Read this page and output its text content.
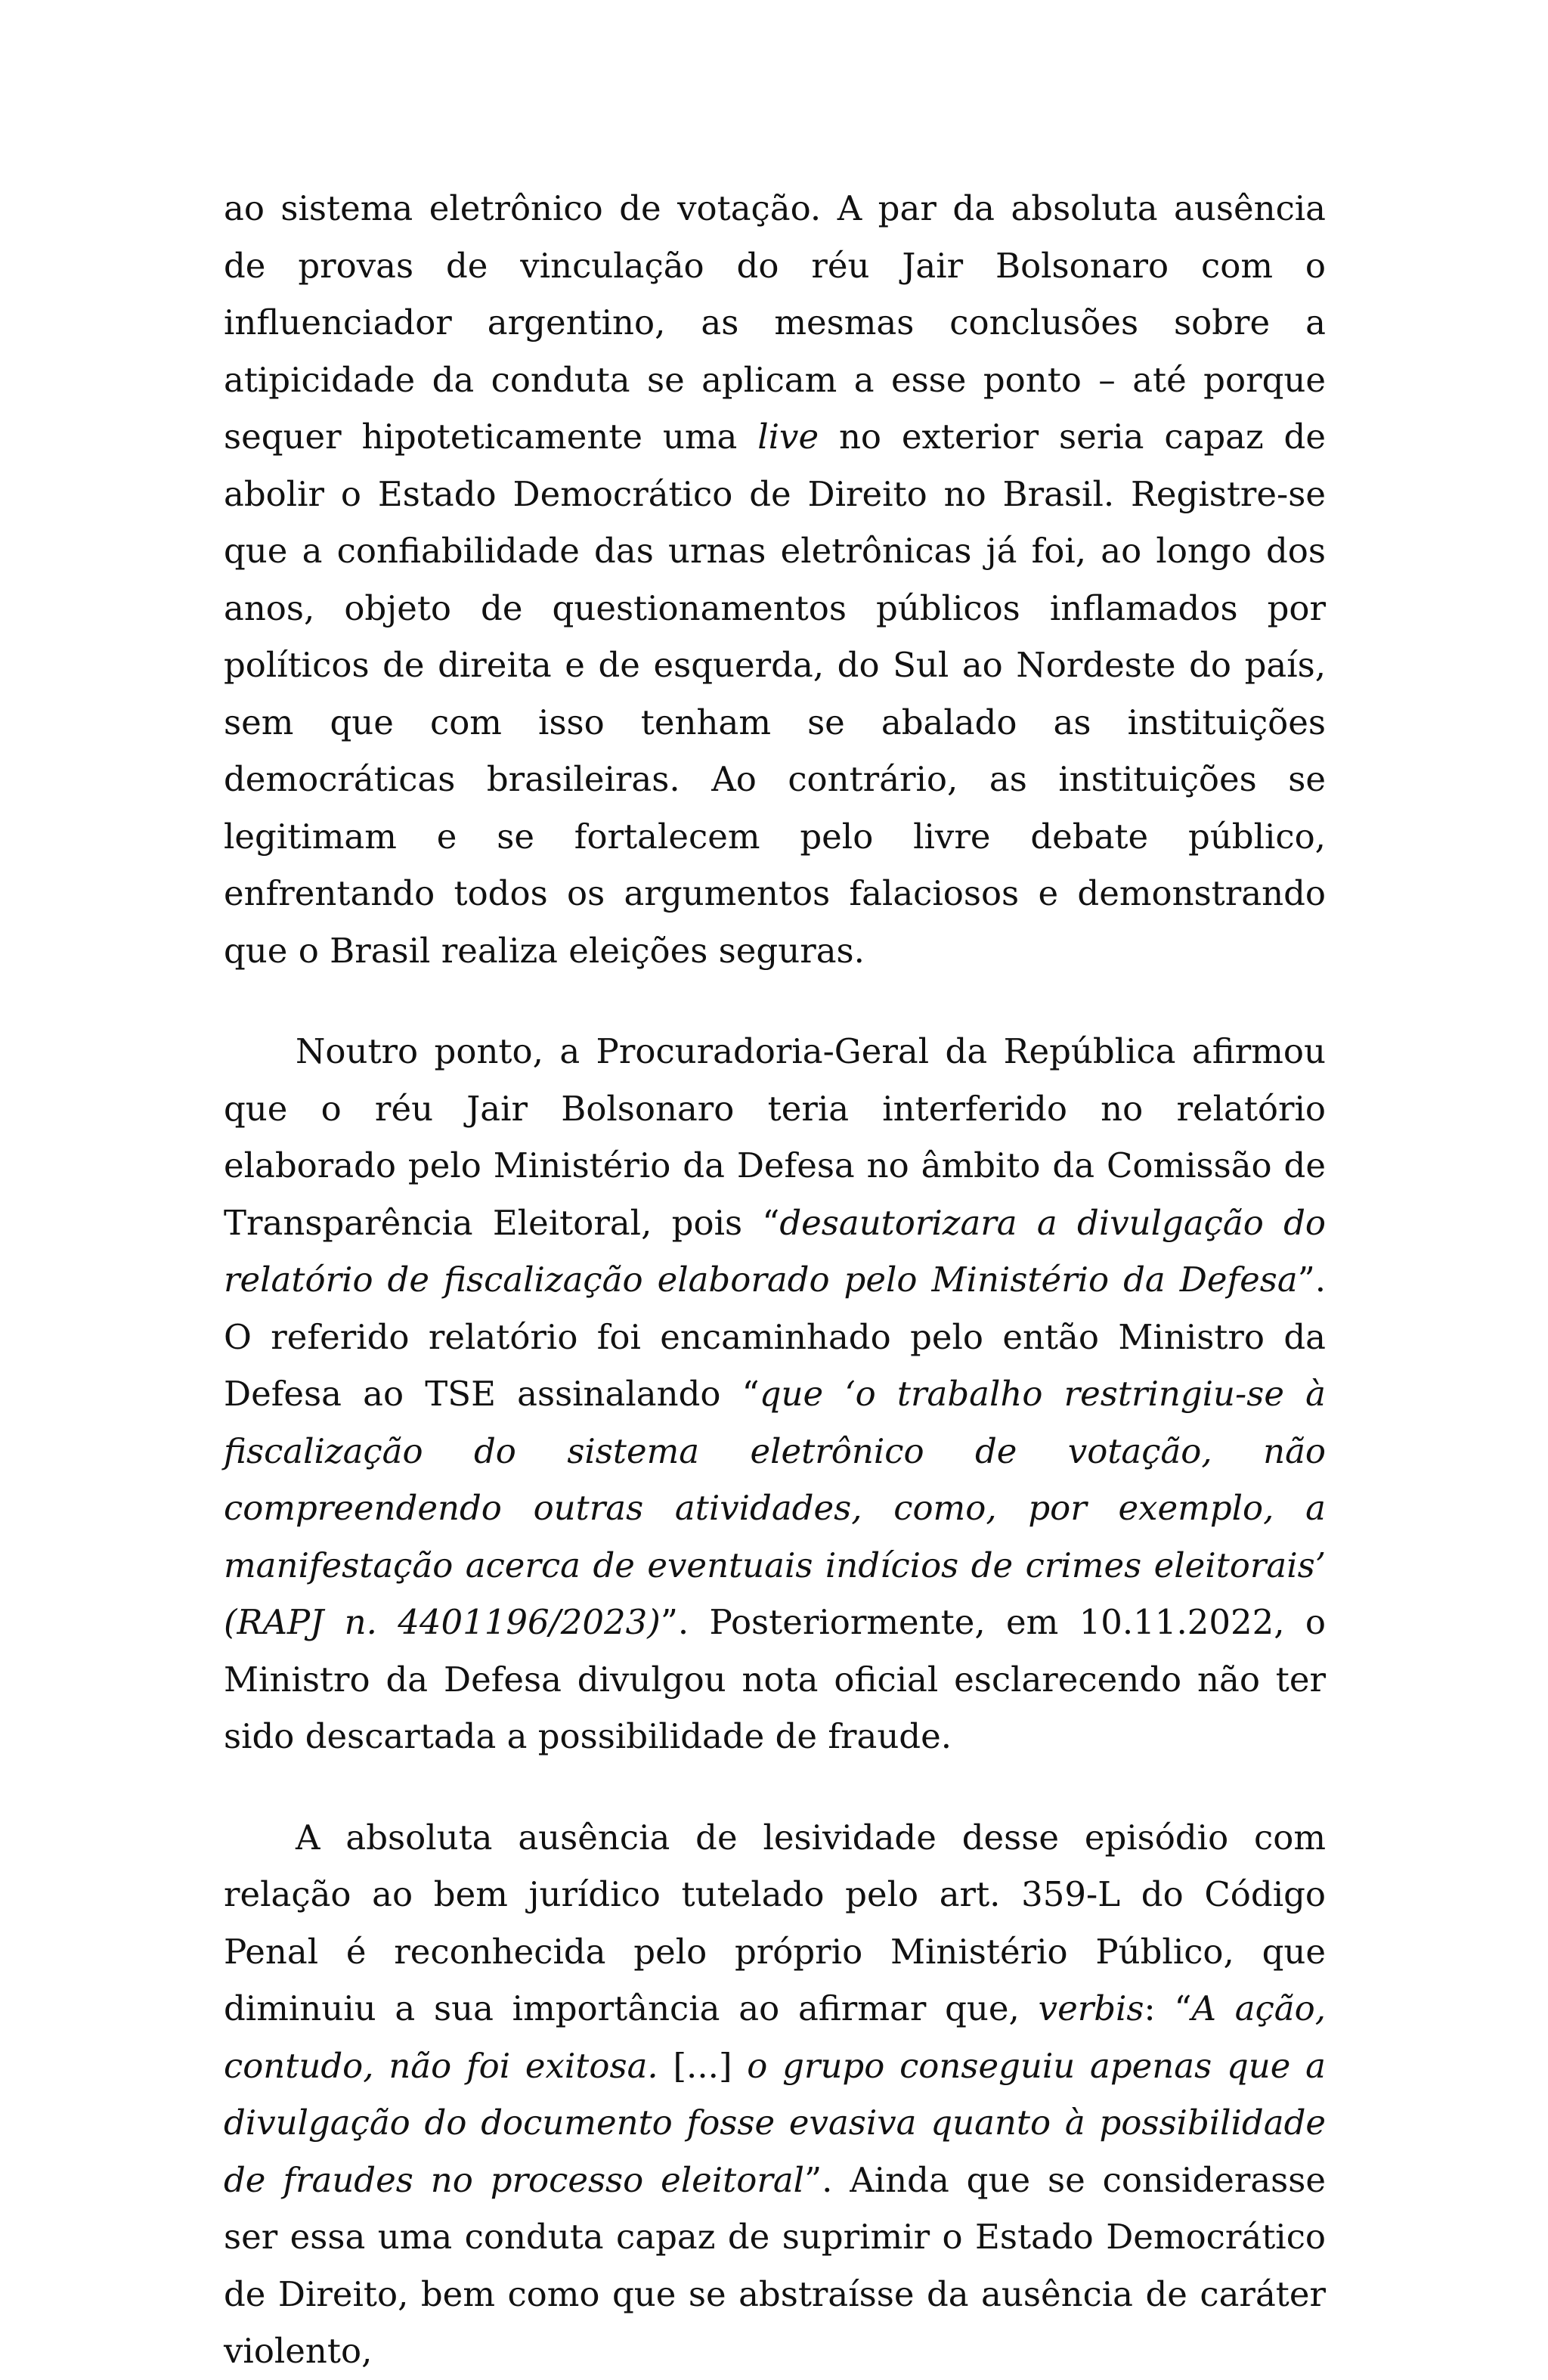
ao sistema eletrônico de votação. A par da absoluta ausência de provas de vinculação do réu Jair Bolsonaro com o influenciador argentino, as mesmas conclusões sobre a atipicidade da conduta se aplicam a esse ponto – até porque sequer hipoteticamente uma live no exterior seria capaz de abolir o Estado Democrático de Direito no Brasil. Registre-se que a confiabilidade das urnas eletrônicas já foi, ao longo dos anos, objeto de questionamentos públicos inflamados por políticos de direita e de esquerda, do Sul ao Nordeste do país, sem que com isso tenham se abalado as instituições democráticas brasileiras. Ao contrário, as instituições se legitimam e se fortalecem pelo livre debate público, enfrentando todos os argumentos falaciosos e demonstrando que o Brasil realiza eleições seguras.

Noutro ponto, a Procuradoria-Geral da República afirmou que o réu Jair Bolsonaro teria interferido no relatório elaborado pelo Ministério da Defesa no âmbito da Comissão de Transparência Eleitoral, pois “desautorizara a divulgação do relatório de fiscalização elaborado pelo Ministério da Defesa”. O referido relatório foi encaminhado pelo então Ministro da Defesa ao TSE assinalando “que ‘o trabalho restringiu-se à fiscalização do sistema eletrônico de votação, não compreendendo outras atividades, como, por exemplo, a manifestação acerca de eventuais indícios de crimes eleitorais’ (RAPJ n. 4401196/2023)”. Posteriormente, em 10.11.2022, o Ministro da Defesa divulgou nota oficial esclarecendo não ter sido descartada a possibilidade de fraude.

A absoluta ausência de lesividade desse episódio com relação ao bem jurídico tutelado pelo art. 359-L do Código Penal é reconhecida pelo próprio Ministério Público, que diminuiu a sua importância ao afirmar que, verbis: “A ação, contudo, não foi exitosa. [...] o grupo conseguiu apenas que a divulgação do documento fosse evasiva quanto à possibilidade de fraudes no processo eleitoral”. Ainda que se considerasse ser essa uma conduta capaz de suprimir o Estado Democrático de Direito, bem como que se abstraísse da ausência de caráter violento,
